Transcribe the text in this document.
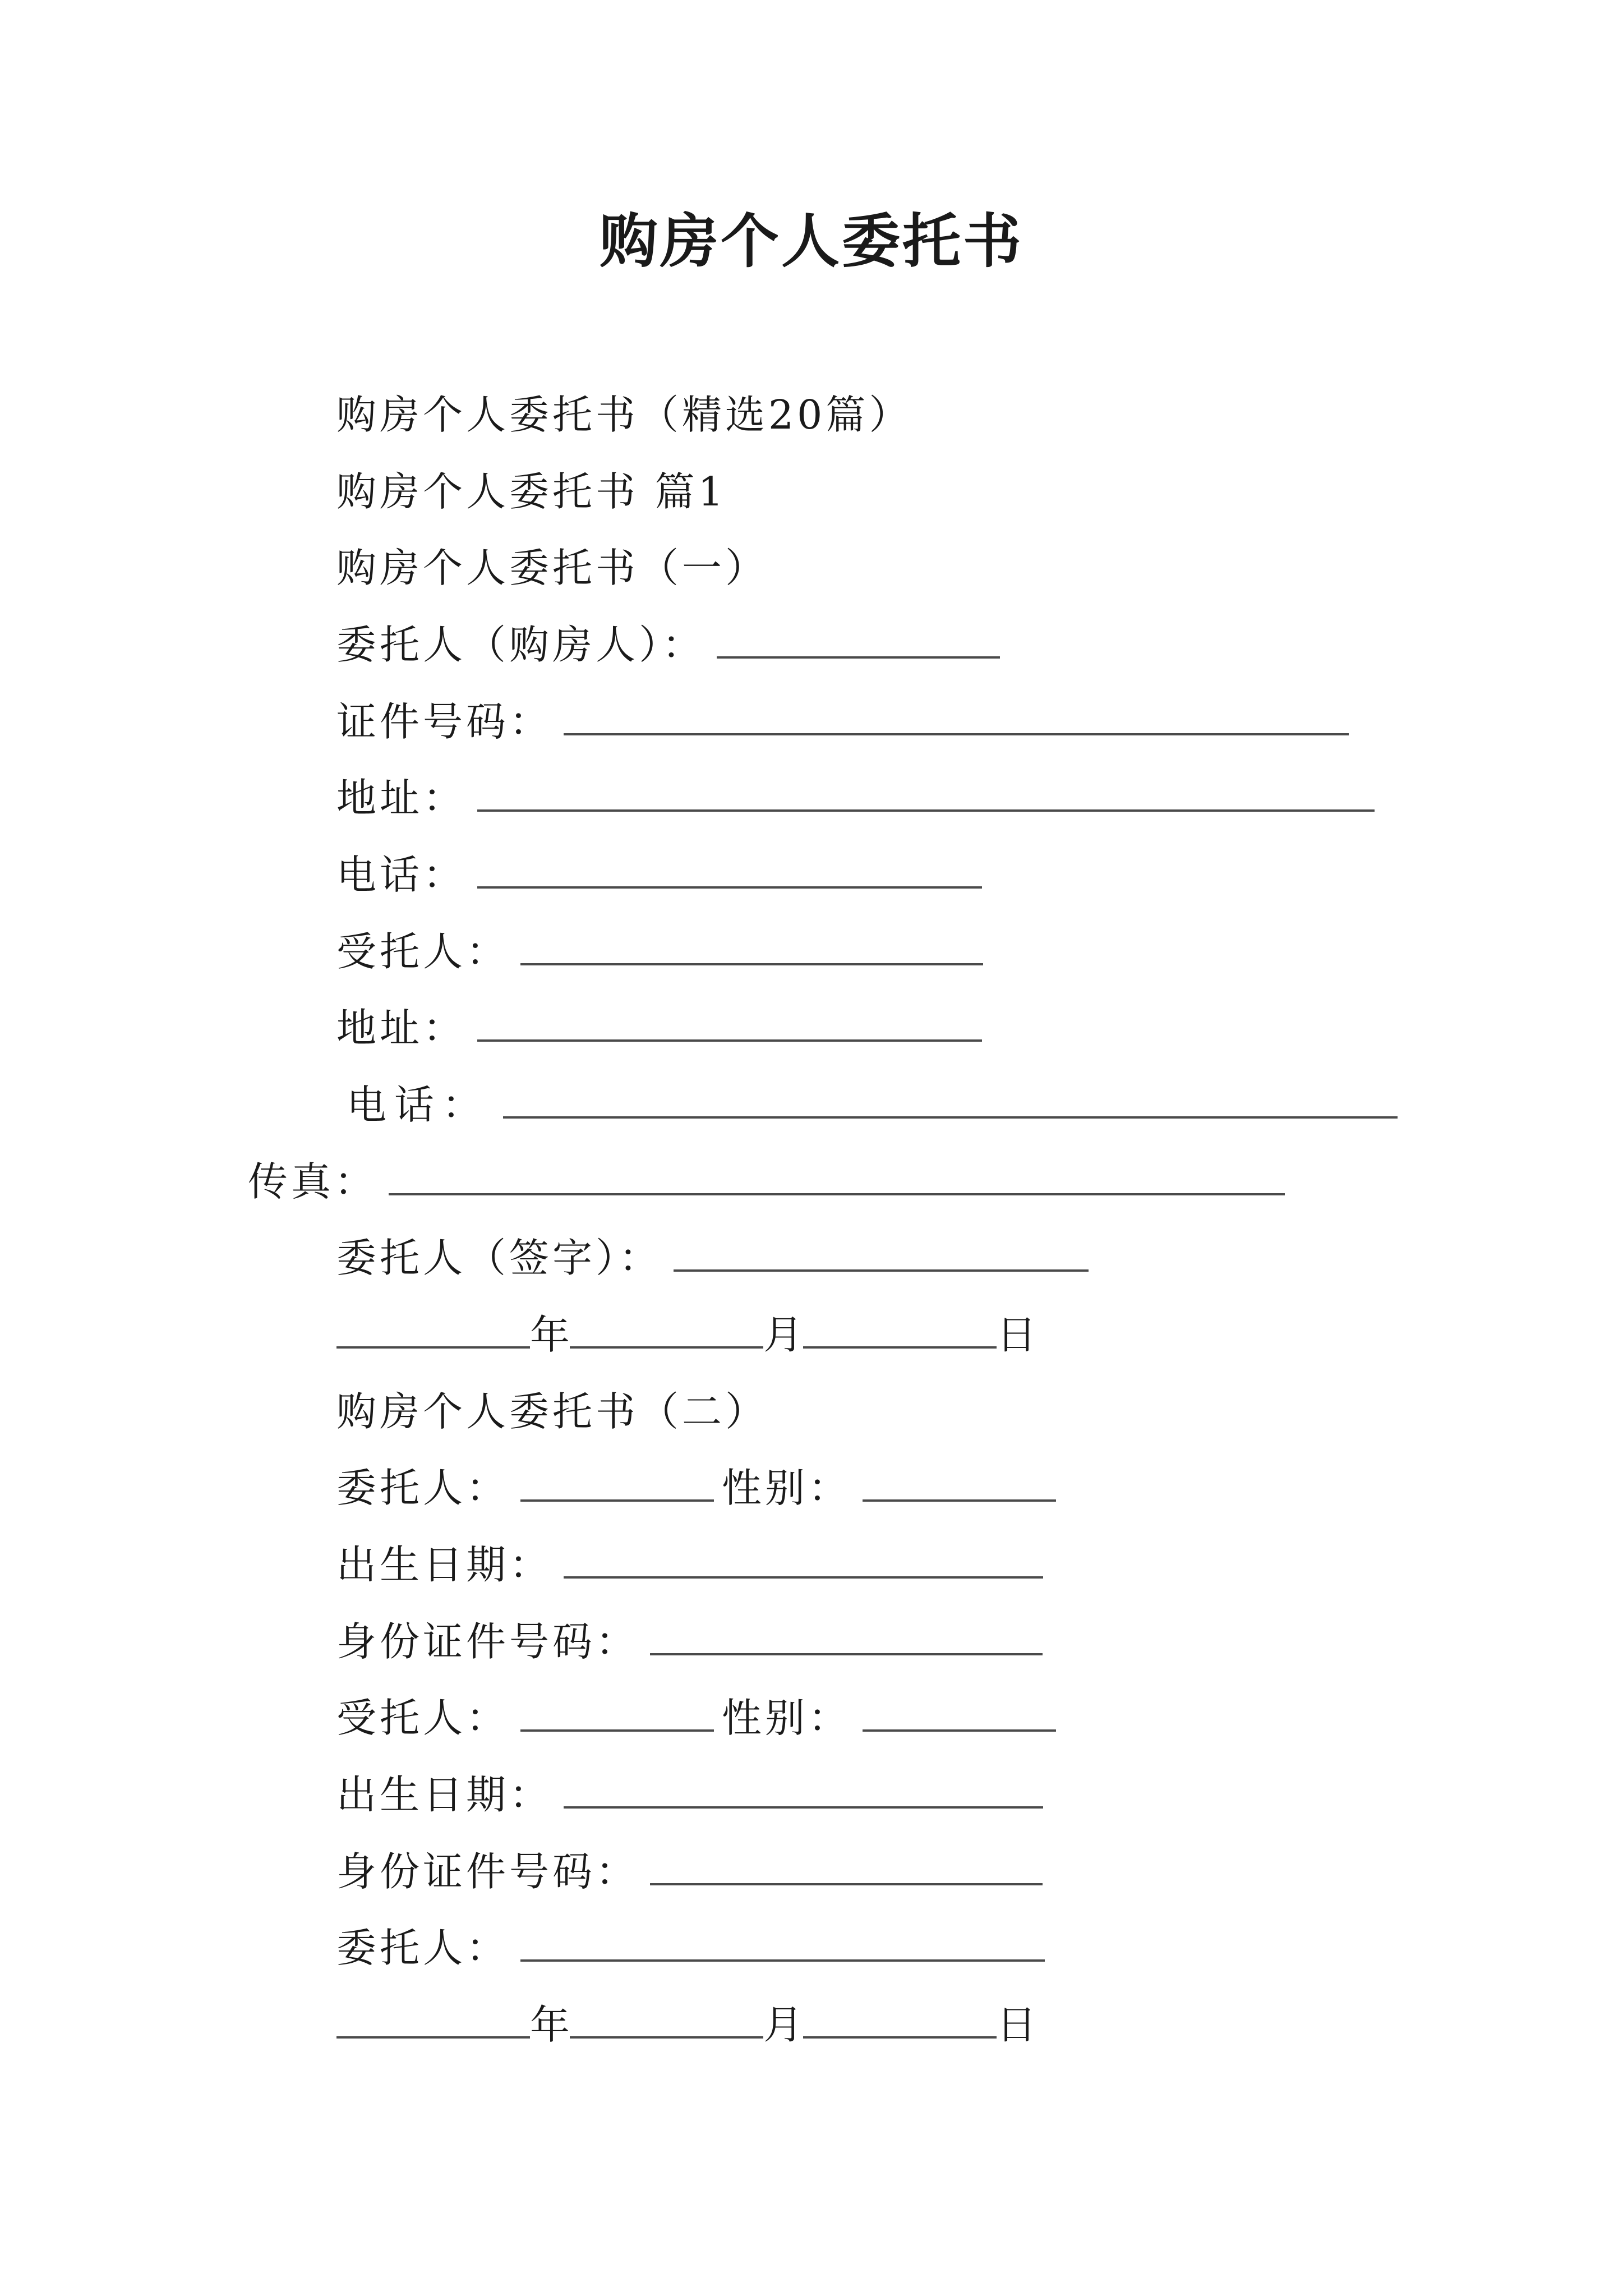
购房个人委托书
购房个人委托书（精选20篇）
购房个人委托书 篇1
购房个人委托书（一）
委托人（购房人）：
证件号码：
地址：
电话：
受托人：
地址：
电话：
传真：
委托人（签字）：
年	月	日
购房个人委托书（二）
委托人：	性别：
出生日期：
身份证件号码：
受托人：	性别：
出生日期：
身份证件号码：
委托人：
年	月	日
